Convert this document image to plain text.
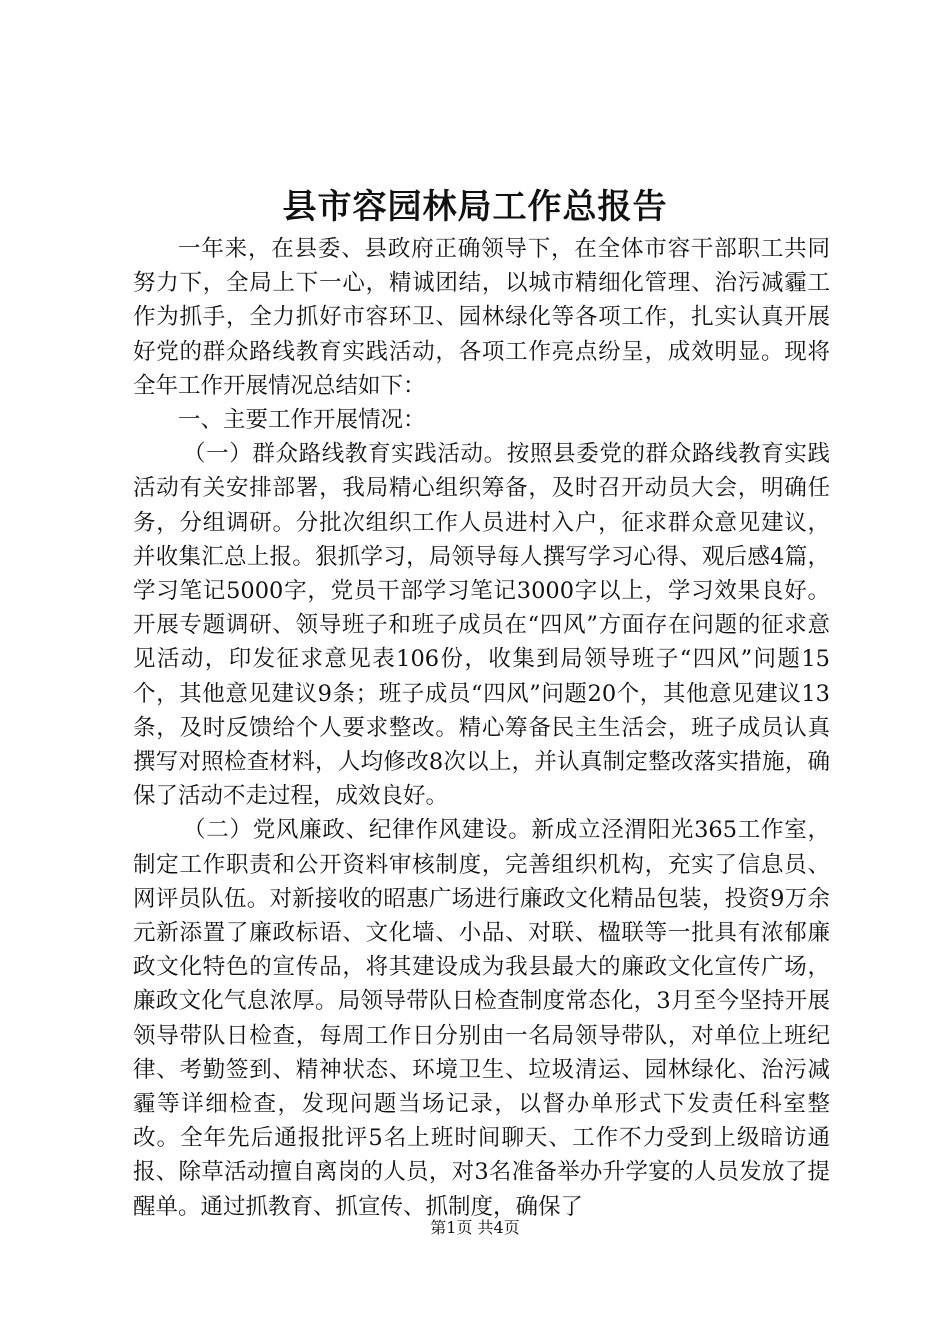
县市容园林局工作总报告

一年来，在县委、县政府正确领导下，在全体市容干部职工共同努力下，全局上下一心，精诚团结，以城市精细化管理、治污减霾工作为抓手，全力抓好市容环卫、园林绿化等各项工作，扎实认真开展好党的群众路线教育实践活动，各项工作亮点纷呈，成效明显。现将全年工作开展情况总结如下：

一、主要工作开展情况：

（一）群众路线教育实践活动。按照县委党的群众路线教育实践活动有关安排部署，我局精心组织筹备，及时召开动员大会，明确任务，分组调研。分批次组织工作人员进村入户，征求群众意见建议，并收集汇总上报。狠抓学习，局领导每人撰写学习心得、观后感4篇，学习笔记5000字，党员干部学习笔记3000字以上，学习效果良好。开展专题调研、领导班子和班子成员在“四风”方面存在问题的征求意见活动，印发征求意见表106份，收集到局领导班子“四风”问题15个，其他意见建议9条；班子成员“四风”问题20个，其他意见建议13条，及时反馈给个人要求整改。精心筹备民主生活会，班子成员认真撰写对照检查材料，人均修改8次以上，并认真制定整改落实措施，确保了活动不走过程，成效良好。

（二）党风廉政、纪律作风建设。新成立泾渭阳光365工作室，制定工作职责和公开资料审核制度，完善组织机构，充实了信息员、网评员队伍。对新接收的昭惠广场进行廉政文化精品包装，投资9万余元新添置了廉政标语、文化墙、小品、对联、楹联等一批具有浓郁廉政文化特色的宣传品，将其建设成为我县最大的廉政文化宣传广场，廉政文化气息浓厚。局领导带队日检查制度常态化，3月至今坚持开展领导带队日检查，每周工作日分别由一名局领导带队，对单位上班纪律、考勤签到、精神状态、环境卫生、垃圾清运、园林绿化、治污减霾等详细检查，发现问题当场记录，以督办单形式下发责任科室整改。全年先后通报批评5名上班时间聊天、工作不力受到上级暗访通报、除草活动擅自离岗的人员，对3名准备举办升学宴的人员发放了提醒单。通过抓教育、抓宣传、抓制度，确保了

第1页 共4页
